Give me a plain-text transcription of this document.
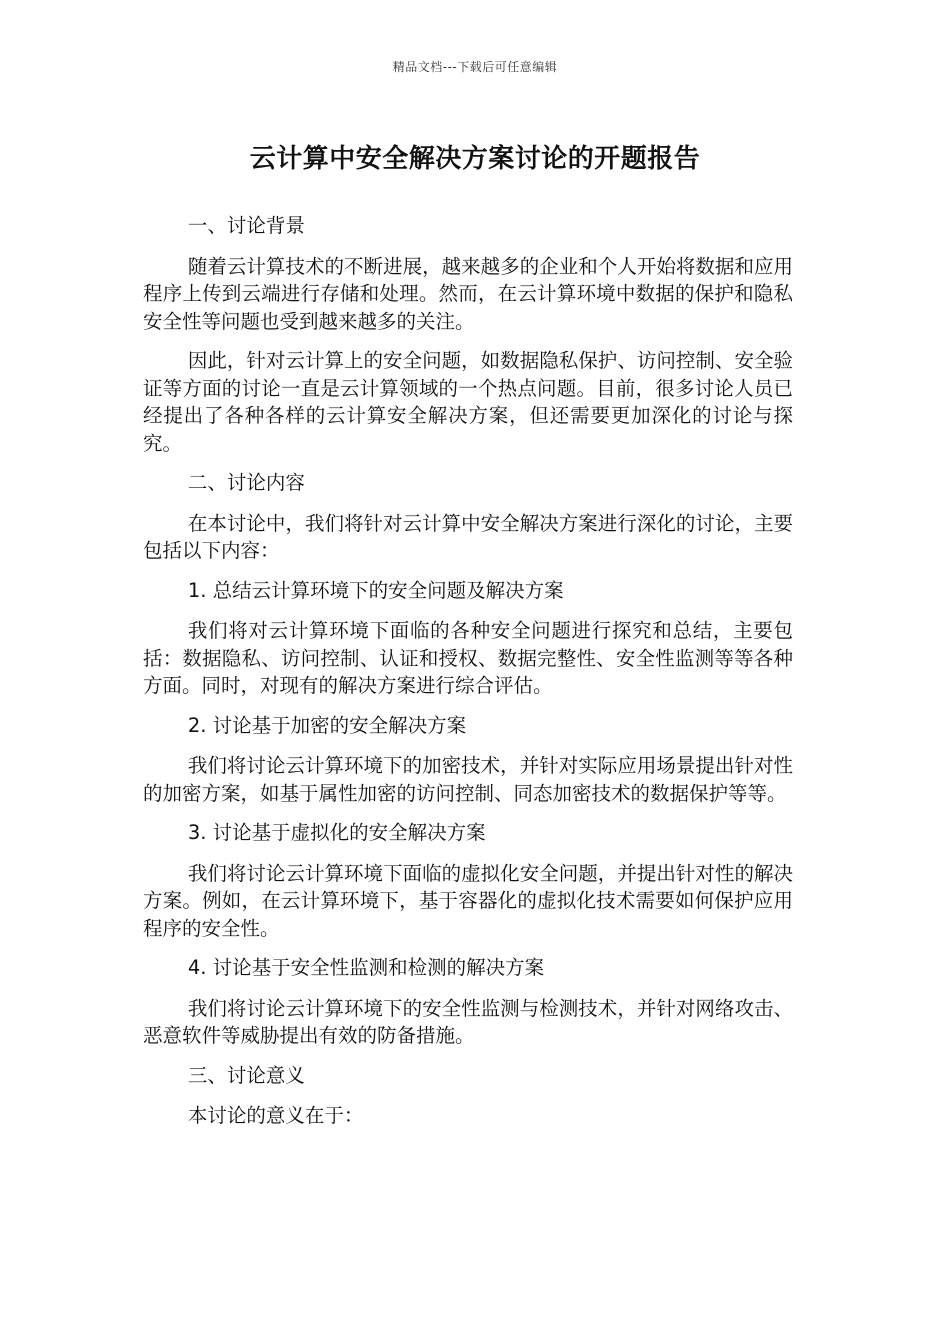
精品文档---下载后可任意编辑
云计算中安全解决方案讨论的开题报告

一、讨论背景

随着云计算技术的不断进展，越来越多的企业和个人开始将数据和应用程序上传到云端进行存储和处理。然而，在云计算环境中数据的保护和隐私安全性等问题也受到越来越多的关注。

因此，针对云计算上的安全问题，如数据隐私保护、访问控制、安全验证等方面的讨论一直是云计算领域的一个热点问题。目前，很多讨论人员已经提出了各种各样的云计算安全解决方案，但还需要更加深化的讨论与探究。

二、讨论内容

在本讨论中，我们将针对云计算中安全解决方案进行深化的讨论，主要包括以下内容：

1. 总结云计算环境下的安全问题及解决方案

我们将对云计算环境下面临的各种安全问题进行探究和总结，主要包括：数据隐私、访问控制、认证和授权、数据完整性、安全性监测等等各种方面。同时，对现有的解决方案进行综合评估。

2. 讨论基于加密的安全解决方案

我们将讨论云计算环境下的加密技术，并针对实际应用场景提出针对性的加密方案，如基于属性加密的访问控制、同态加密技术的数据保护等等。

3. 讨论基于虚拟化的安全解决方案

我们将讨论云计算环境下面临的虚拟化安全问题，并提出针对性的解决方案。例如，在云计算环境下，基于容器化的虚拟化技术需要如何保护应用程序的安全性。

4. 讨论基于安全性监测和检测的解决方案

我们将讨论云计算环境下的安全性监测与检测技术，并针对网络攻击、恶意软件等威胁提出有效的防备措施。

三、讨论意义

本讨论的意义在于：
